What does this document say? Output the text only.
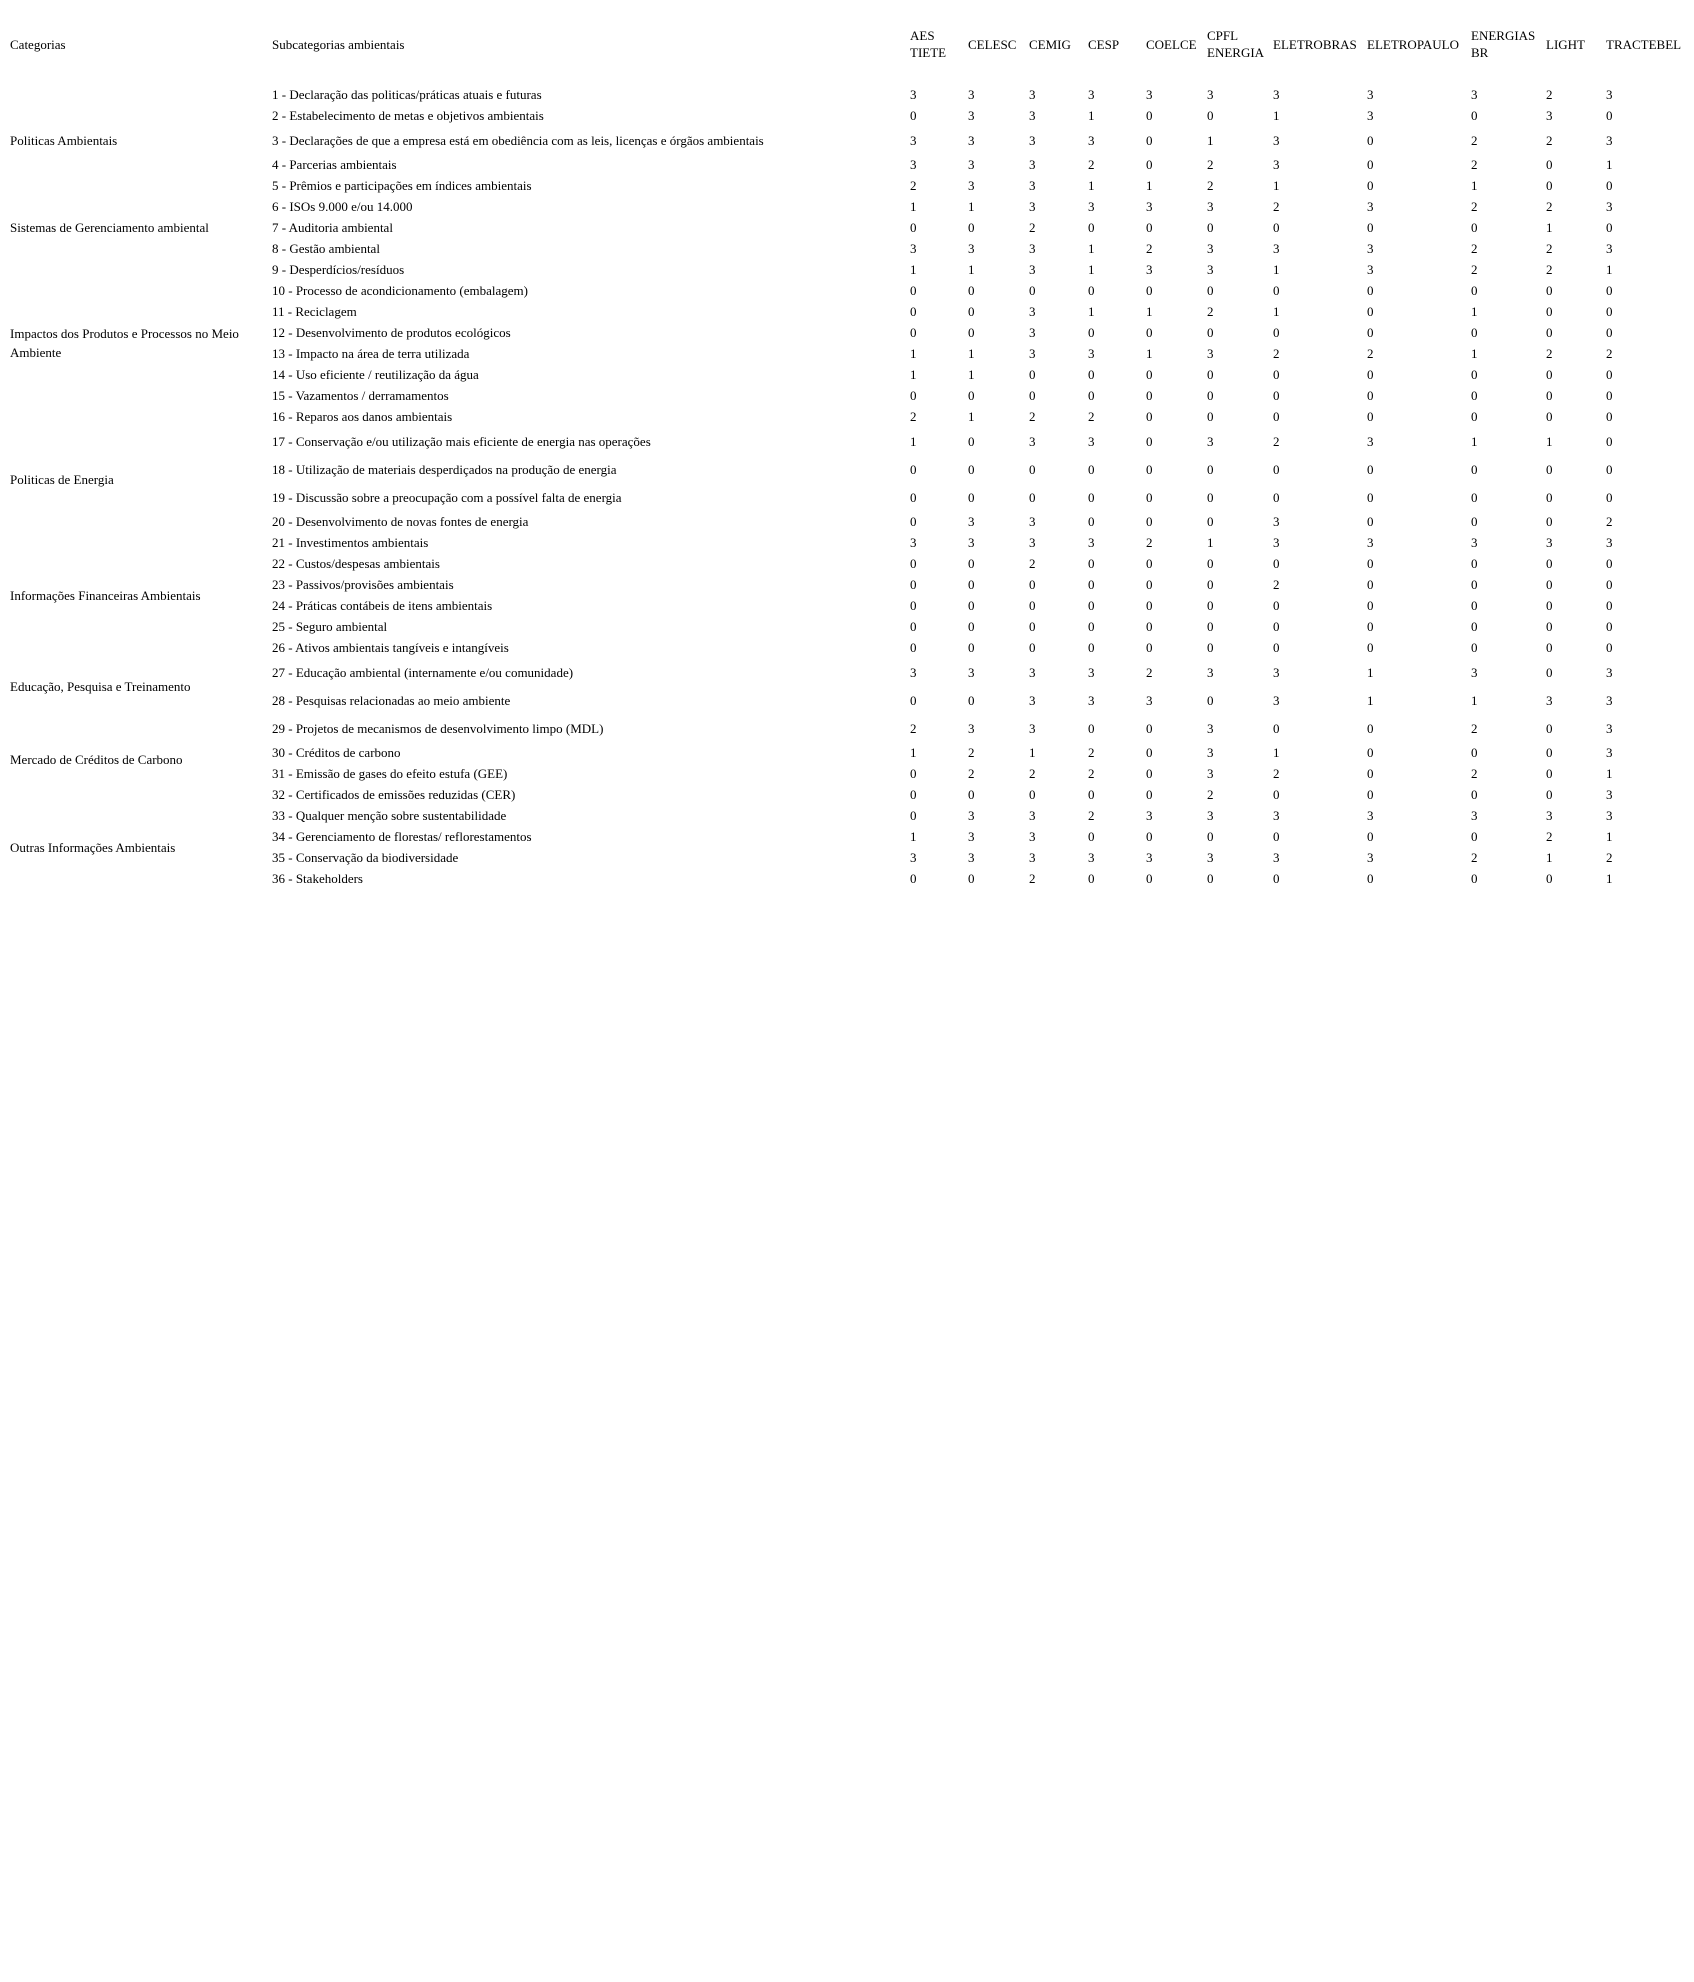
Categorias	Subcategorias ambientais	AES TIETE	CELESC	CEMIG	CESP	COELCE	CPFL ENERGIA	ELETROBRAS	ELETROPAULO	ENERGIAS BR	LIGHT	TRACTEBEL

Politicas Ambientais	1 - Declaração das politicas/práticas atuais e futuras	3	3	3	3	3	3	3	3	3	2	3
	2 - Estabelecimento de metas e objetivos ambientais	0	3	3	1	0	0	1	3	0	3	0
	3 - Declarações de que a empresa está em obediência com as leis, licenças e órgãos ambientais	3	3	3	3	0	1	3	0	2	2	3
	4 - Parcerias ambientais	3	3	3	2	0	2	3	0	2	0	1
	5 - Prêmios e participações em índices ambientais	2	3	3	1	1	2	1	0	1	0	0
Sistemas de Gerenciamento ambiental	6 - ISOs 9.000 e/ou 14.000	1	1	3	3	3	3	2	3	2	2	3
	7 - Auditoria ambiental	0	0	2	0	0	0	0	0	0	1	0
	8 - Gestão ambiental	3	3	3	1	2	3	3	3	2	2	3
Impactos dos Produtos e Processos no Meio Ambiente	9 - Desperdícios/resíduos	1	1	3	1	3	3	1	3	2	2	1
	10 - Processo de acondicionamento (embalagem)	0	0	0	0	0	0	0	0	0	0	0
	11 - Reciclagem	0	0	3	1	1	2	1	0	1	0	0
	12 - Desenvolvimento de produtos ecológicos	0	0	3	0	0	0	0	0	0	0	0
	13 - Impacto na área de terra utilizada	1	1	3	3	1	3	2	2	1	2	2
	14 - Uso eficiente / reutilização da água	1	1	0	0	0	0	0	0	0	0	0
	15 - Vazamentos / derramamentos	0	0	0	0	0	0	0	0	0	0	0
	16 - Reparos aos danos ambientais	2	1	2	2	0	0	0	0	0	0	0
Politicas de Energia	17 - Conservação e/ou utilização mais eficiente de energia nas operações	1	0	3	3	0	3	2	3	1	1	0
	18 - Utilização de materiais desperdiçados na produção de energia	0	0	0	0	0	0	0	0	0	0	0
	19 - Discussão sobre a preocupação com a possível falta de energia	0	0	0	0	0	0	0	0	0	0	0
	20 - Desenvolvimento de novas fontes de energia	0	3	3	0	0	0	3	0	0	0	2
Informações Financeiras Ambientais	21 - Investimentos ambientais	3	3	3	3	2	1	3	3	3	3	3
	22 - Custos/despesas ambientais	0	0	2	0	0	0	0	0	0	0	0
	23 - Passivos/provisões ambientais	0	0	0	0	0	0	2	0	0	0	0
	24 - Práticas contábeis de itens ambientais	0	0	0	0	0	0	0	0	0	0	0
	25 - Seguro ambiental	0	0	0	0	0	0	0	0	0	0	0
	26 - Ativos ambientais tangíveis e intangíveis	0	0	0	0	0	0	0	0	0	0	0
Educação, Pesquisa e Treinamento	27 - Educação ambiental (internamente e/ou comunidade)	3	3	3	3	2	3	3	1	3	0	3
	28 - Pesquisas relacionadas ao meio ambiente	0	0	3	3	3	0	3	1	1	3	3
Mercado de Créditos de Carbono	29 - Projetos de mecanismos de desenvolvimento limpo (MDL)	2	3	3	0	0	3	0	0	2	0	3
	30 - Créditos de carbono	1	2	1	2	0	3	1	0	0	0	3
	31 - Emissão de gases do efeito estufa (GEE)	0	2	2	2	0	3	2	0	2	0	1
	32 - Certificados de emissões reduzidas (CER)	0	0	0	0	0	2	0	0	0	0	3
Outras Informações Ambientais	33 - Qualquer menção sobre sustentabilidade	0	3	3	2	3	3	3	3	3	3	3
	34 - Gerenciamento de florestas/ reflorestamentos	1	3	3	0	0	0	0	0	0	2	1
	35 - Conservação da biodiversidade	3	3	3	3	3	3	3	3	2	1	2
	36 - Stakeholders	0	0	2	0	0	0	0	0	0	0	1
